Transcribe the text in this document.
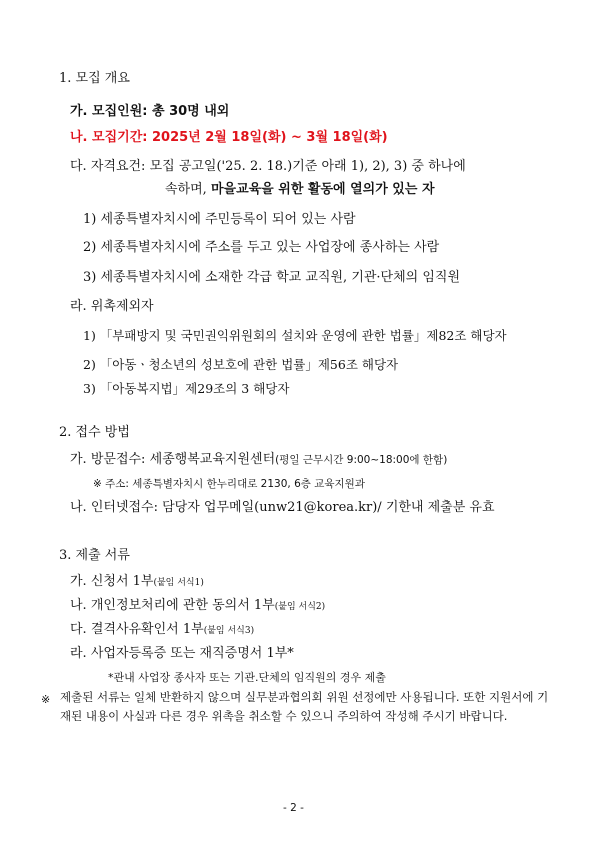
1. 모집 개요
가. 모집인원: 총 30명 내외
나. 모집기간: 2025년 2월 18일(화) ~ 3월 18일(화)
다. 자격요건: 모집 공고일('25. 2. 18.)기준 아래 1), 2), 3) 중 하나에
속하며, 마을교육을 위한 활동에 열의가 있는 자
1) 세종특별자치시에 주민등록이 되어 있는 사람
2) 세종특별자치시에 주소를 두고 있는 사업장에 종사하는 사람
3) 세종특별자치시에 소재한 각급 학교 교직원, 기관·단체의 임직원
라. 위촉제외자
1) 「부패방지 및 국민권익위원회의 설치와 운영에 관한 법률」제82조 해당자
2) 「아동ㆍ청소년의 성보호에 관한 법률」제56조 해당자
3) 「아동복지법」제29조의 3 해당자
2. 접수 방법
가. 방문접수: 세종행복교육지원센터(평일 근무시간 9:00~18:00에 한함)
※ 주소: 세종특별자치시 한누리대로 2130, 6층 교육지원과
나. 인터넷접수: 담당자 업무메일(unw21@korea.kr)/ 기한내 제출분 유효
3. 제출 서류
가. 신청서 1부(붙임 서식1)
나. 개인정보처리에 관한 동의서 1부(붙임 서식2)
다. 결격사유확인서 1부(붙임 서식3)
라. 사업자등록증 또는 재직증명서 1부*
*관내 사업장 종사자 또는 기관.단체의 임직원의 경우 제출
※ 제출된 서류는 일체 반환하지 않으며 실무분과협의회 위원 선정에만 사용됩니다. 또한 지원서에 기재된 내용이 사실과 다른 경우 위촉을 취소할 수 있으니 주의하여 작성해 주시기 바랍니다.
- 2 -
